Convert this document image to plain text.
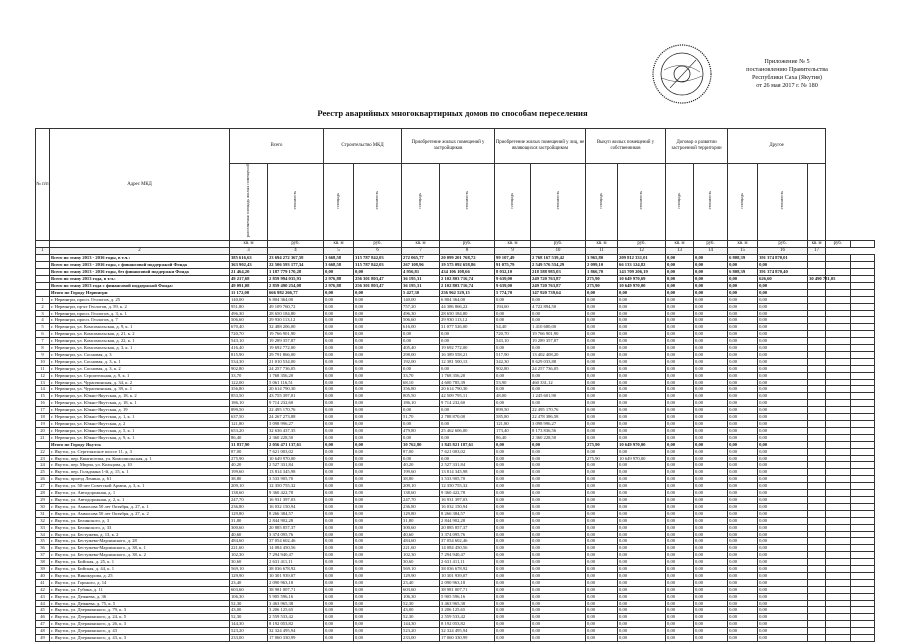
Приложение № 5
постановлению Правительства
Республики Саха (Якутия)
от 26 мая 2017 г. № 180
Реестр аварийных многоквартирных домов по способам переселения
№ п/п	Адрес МКД	Всего		Строительство МКД		Приобретение жилых помещений у застройщиков		Приобретение жилых помещений у лиц, не являющихся застройщиком		Выкуп жилых помещений у собственников		Договор о развитии застроенной территории		Другое				
		расселяемая площадь жилых помещений	стоимость	площадь	стоимость	площадь	стоимость	площадь	стоимость	площадь	стоимость	площадь	стоимость	площадь	стоимость			
		кв. м	руб.	кв. м	руб.	кв. м	руб.	кв. м	руб.	кв. м	руб.	кв. м	руб.	кв. м	руб.	кв. м	руб.	
1	2	3	4	5	6	7	8	9	10	11	12	13	14	15	16	17		
	Всего по этапу 2013 - 2016 годы, в т.ч.:	385 616,63	23 694 272 367,58	3 668,58	315 787 842,03	272 065,77	20 099 201 768,72	99 107,49	2 768 167 539,42	3 965,80	209 812 331,01	0,00	0,00	6 808,39	391 374 870,01			
	Всего по этапу 2013 - 2016 годы, с финансовой поддержкой Фонда	363 902,43	22 506 593 177,34	3 668,58	315 787 842,03	267 108,96	19 575 092 658,86	91 075,79	2 549 576 554,29	2 099,10	66 133 124,82	0,00	0,00	0,00	0,00			
	Всего по этапу 2013 - 2016 годы, без финансовой поддержки Фонда	21 464,20	1 187 779 170,28	0,00	0,00	4 956,81	434 106 108,66	8 032,10	218 588 985,03	1 866,70	143 709 206,19	0,00	0,00	6 808,39	391 374 870,40			
	Всего по этапу 2013 года, в т.ч.:	49 217,68	2 859 994 035,93	2 976,88	256 301 803,47	36 195,31	2 102 803 716,74	9 639,00	249 720 763,87	275,90	10 649 970,69	0,00	0,00	0,00	626,60	30 490 781,05		
	Всего по этапу 2013 года с финансовой поддержкой Фонда:	49 091,08	2 859 490 254,08	2 976,88	256 301 803,47	36 195,31	2 102 803 716,74	9 639,00	249 720 763,87	275,90	10 649 970,00	0,00	0,00	0,00	0,00			
	Итого по Городу Нерюнгри	11 172,00	666 982 266,77	0,00	0,00	5 427,30	256 962 529,15	5 774,70	147 920 739,64	0,00	0,00	0,00	0,00	0,00	0,00			
1	г. Нерюнгри, просп. Геологов, д. 25	140,00	6 804 364,00	0,00	0,00	140,00	6 804 364,00	0,00	0,00	0,00	0,00	0,00	0,00	0,00	0,00			
2	г. Нерюнгри, пр-кт Геологов, д. 59, к. 2	951,80	49 109 760,72	0,00	0,00	757,20	44 386 866,22	194,60	4 722 894,50	0,00	0,00	0,00	0,00	0,00	0,00			
3	г. Нерюнгри, просп. Геологов, д. 3, к. 1	496,30	28 650 184,80	0,00	0,00	496,30	28 650 184,80	0,00	0,00	0,00	0,00	0,00	0,00	0,00	0,00			
4	г. Нерюнгри, просп. Геологов, д. 7	506,60	29 930 113,12	0,00	0,00	506,60	29 930 113,12	0,00	0,00	0,00	0,00	0,00	0,00	0,00	0,00			
5	г. Нерюнгри, ул. Комсомольская, д. 9, к. 1	670,40	32 488 206,00	0,00	0,00	616,00	31 077 526,00	54,40	1 410 680,00	0,00	0,00	0,00	0,00	0,00	0,00			
6	г. Нерюнгри, ул. Комсомольская, д. 21, к. 2	720,70	19 766 901,90	0,00	0,00	0,00	0,00	720,70	19 766 901,90	0,00	0,00	0,00	0,00	0,00	0,00			
7	г. Нерюнгри, ул. Комсомольская, д. 22, к. 1	543,10	19 289 357,87	0,00	0,00	0,00	0,00	543,10	19 289 357,87	0,00	0,00	0,00	0,00	0,00	0,00			
8	г. Нерюнгри, ул. Комсомольская, д. 3, к. 1	416,40	19 692 772,00	0,00	0,00	405,40	19 692 772,00	0,00	0,00	0,00	0,00	0,00	0,00	0,00	0,00			
9	г. Нерюнгри, ул. Сосновая, д. 3	815,90	29 791 866,00	0,00	0,00	298,00	16 389 558,21	517,90	13 402 408,20	0,00	0,00	0,00	0,00	0,00	0,00			
10	г. Нерюнгри, ул. Сосновая, д. 3, к. 1	534,30	21 010 534,00	0,00	0,00	192,00	12 381 500,13	342,30	8 629 033,88	0,00	0,00	0,00	0,00	0,00	0,00			
11	г. Нерюнгри, ул. Сосновая, д. 3, к. 2	902,80	24 257 736,05	0,00	0,00	0,00	0,00	902,80	24 257 736,05	0,00	0,00	0,00	0,00	0,00	0,00			
12	г. Нерюнгри, ул. Строительная, д. 9, к. 1	33,70	1 768 356,20	0,00	0,00	33,70	1 768 356,20	0,00	0,00	0,00	0,00	0,00	0,00	0,00	0,00			
13	г. Нерюнгри, ул. Чурапчинская, д. 34, к. 2	122,00	5 061 116,51	0,00	0,00	68,10	4 600 785,39	53,90	460 331,12	0,00	0,00	0,00	0,00	0,00	0,00			
14	г. Нерюнгри, ул. Чурапчинская, д. 39, к. 1	356,80	20 614 790,30	0,00	0,00	356,80	20 614 790,30	0,00	0,00	0,00	0,00	0,00	0,00	0,00	0,00			
15	г. Нерюнгри, ул. Южно-Якутская, д. 18, к. 2	853,50	43 755 397,01	0,00	0,00	805,50	42 509 795,11	48,00	1 245 601,90	0,00	0,00	0,00	0,00	0,00	0,00			
16	г. Нерюнгри, ул. Южно-Якутская, д. 18, к. 1	186,10	9 714 232,60	0,00	0,00	186,10	9 714 232,60	0,00	0,00	0,00	0,00	0,00	0,00	0,00	0,00			
17	г. Нерюнгри, ул. Южно-Якутская, д. 19	899,50	22 495 170,76	0,00	0,00	0,00	0,00	899,50	22 495 170,76	0,00	0,00	0,00	0,00	0,00	0,00			
18	г. Нерюнгри, ул. Южно-Якутская, д. 1, к. 1	637,50	24 267 273,88	0,00	0,00	51,70	2 788 870,00	585,80	22 478 386,58	0,00	0,00	0,00	0,00	0,00	0,00			
19	г. Нерюнгри, ул. Южно-Якутская, д. 2	121,80	3 098 996,27	0,00	0,00	0,00	0,00	121,80	3 098 996,27	0,00	0,00	0,00	0,00	0,00	0,00			
20	г. Нерюнгри, ул. Южно-Якутская, д. 5, к. 1	653,20	32 636 437,35	0,00	0,00	479,80	25 462 606,00	173,40	8 173 836,56	0,00	0,00	0,00	0,00	0,00	0,00			
21	г. Нерюнгри, ул. Южно-Якутская, д. 9, к. 1	86,40	2 360 228,50	0,00	0,00	0,00	0,00	86,40	2 360 228,50	0,00	0,00	0,00	0,00	0,00	0,00			
	Итого по Городу Якутск	31 837,90	2 056 471 137,61	0,00	0,00	30 762,80	1 845 821 187,61	0,00	0,00	275,90	10 649 970,00	0,00	0,00	0,00	0,00			
22	г. Якутск, ул. Сергеляхское шоссе 11, д. 3	87,00	7 621 003,02	0,00	0,00	87,00	7 621 003,02	0,00	0,00	0,00	0,00	0,00	0,00	0,00	0,00			
23	г. Якутск, пер. Кингисеппа, ул. Комсомольская, д. 1	275,90	10 649 970,00	0,00	0,00	0,00	0,00	0,00	0,00	275,90	10 649 970,00	0,00	0,00	0,00	0,00			
24	г. Якутск, пер. Мирча, ул. Кольцова, д. 10	40,20	2 527 331,84	0,00	0,00	40,20	2 527 331,84	0,00	0,00	0,00	0,00	0,00	0,00	0,00	0,00			
25	г. Якутск, пер. Гольдмана 1-й, д. 15, к. 1	199,60	13 814 345,98	0,00	0,00	199,60	13 814 345,98	0,00	0,00	0,00	0,00	0,00	0,00	0,00	0,00			
26	г. Якутск, проезд Ленина, д. 61	38,80	3 533 905,70	0,00	0,00	38,80	3 533 905,70	0,00	0,00	0,00	0,00	0,00	0,00	0,00	0,00			
27	г. Якутск, ул. 50-лет Советской Армии, д. 3, к. 1	209,10	12 350 755,32	0,00	0,00	209,10	12 350 755,32	0,00	0,00	0,00	0,00	0,00	0,00	0,00	0,00			
28	г. Якутск, ул. Автодорожная, д. 1	138,60	9 360 422,78	0,00	0,00	138,60	9 360 422,78	0,00	0,00	0,00	0,00	0,00	0,00	0,00	0,00			
29	г. Якутск, ул. Автодорожная, д. 2, к. 1	247,70	16 931 397,03	0,00	0,00	247,70	16 931 397,03	0,00	0,00	0,00	0,00	0,00	0,00	0,00	0,00			
30	г. Якутск, ул. Аммосова 50 лет Октября, д. 27, к. 1	236,80	16 032 150,94	0,00	0,00	236,80	16 032 150,94	0,00	0,00	0,00	0,00	0,00	0,00	0,00	0,00			
31	г. Якутск, ул. Аммосова 50 лет Октября, д. 27, к. 2	129,80	8 266 384,57	0,00	0,00	129,80	8 266 384,57	0,00	0,00	0,00	0,00	0,00	0,00	0,00	0,00			
32	г. Якутск, ул. Белинского, д. 3	31,80	2 844 902,28	0,00	0,00	31,80	2 844 902,28	0,00	0,00	0,00	0,00	0,00	0,00	0,00	0,00			
33	г. Якутск, ул. Белинского, д. 33	300,60	20 885 857,37	0,00	0,00	300,60	20 885 857,37	0,00	0,00	0,00	0,00	0,00	0,00	0,00	0,00			
34	г. Якутск, ул. Бестужева, д. 13, к. 2	40,60	3 374 095,76	0,00	0,00	40,60	3 374 095,76	0,00	0,00	0,00	0,00	0,00	0,00	0,00	0,00			
35	г. Якутск, ул. Бестужева-Марлинского, д. 28	484,60	37 054 602,46	0,00	0,00	484,60	37 054 602,46	0,00	0,00	0,00	0,00	0,00	0,00	0,00	0,00			
36	г. Якутск, ул. Бестужева-Марлинского, д. 38, к. 1	221,60	14 084 450,56	0,00	0,00	221,60	14 084 450,56	0,00	0,00	0,00	0,00	0,00	0,00	0,00	0,00			
37	г. Якутск, ул. Бестужева-Марлинского, д. 38, к. 2	102,30	7 294 940,47	0,00	0,00	102,30	7 294 940,47	0,00	0,00	0,00	0,00	0,00	0,00	0,00	0,00			
38	г. Якутск, ул. Бийская, д. 25, к. 1	30,60	2 631 411,11	0,00	0,00	30,60	2 631 411,11	0,00	0,00	0,00	0,00	0,00	0,00	0,00	0,00			
39	г. Якутск, ул. Бийская, д. 44, к. 1	569,10	38 036 678,92	0,00	0,00	569,10	38 036 678,92	0,00	0,00	0,00	0,00	0,00	0,00	0,00	0,00			
40	г. Якутск, ул. Винокурова, д. 25	129,90	10 301 939,07	0,00	0,00	129,90	10 301 939,07	0,00	0,00	0,00	0,00	0,00	0,00	0,00	0,00			
41	г. Якутск, ул. Горького, д. 14	23,40	2 090 963,18	0,00	0,00	23,40	2 090 963,18	0,00	0,00	0,00	0,00	0,00	0,00	0,00	0,00			
42	г. Якутск, ул. Губина, д. 11	603,60	38 981 007,71	0,00	0,00	603,60	38 981 007,71	0,00	0,00	0,00	0,00	0,00	0,00	0,00	0,00			
43	г. Якутск, ул. Дежнева, д. 36	106,30	5 905 596,16	0,00	0,00	106,30	5 905 596,16	0,00	0,00	0,00	0,00	0,00	0,00	0,00	0,00			
44	г. Якутск, ул. Дежнева, д. 75, к. 5	52,30	3 463 965,38	0,00	0,00	52,30	3 463 965,38	0,00	0,00	0,00	0,00	0,00	0,00	0,00	0,00			
45	г. Якутск, ул. Дзержинского, д. 79, к. 3	43,00	3 206 125,65	0,00	0,00	43,00	3 206 125,65	0,00	0,00	0,00	0,00	0,00	0,00	0,00	0,00			
46	г. Якутск, ул. Дзержинского, д. 24, к. 5	52,30	2 559 533,42	0,00	0,00	52,30	2 559 533,42	0,00	0,00	0,00	0,00	0,00	0,00	0,00	0,00			
47	г. Якутск, ул. Дзержинского, д. 26, к. 3	144,30	8 192 053,82	0,00	0,00	144,30	8 192 053,82	0,00	0,00	0,00	0,00	0,00	0,00	0,00	0,00			
48	г. Якутск, ул. Дзержинского, д. 43	523,20	32 324 495,94	0,00	0,00	523,20	32 324 495,94	0,00	0,00	0,00	0,00	0,00	0,00	0,00	0,00			
49	г. Якутск, ул. Дзержинского, д. 43, к. 3	233,00	17 060 330,99	0,00	0,00	233,00	17 060 330,99	0,00	0,00	0,00	0,00	0,00	0,00	0,00	0,00			
